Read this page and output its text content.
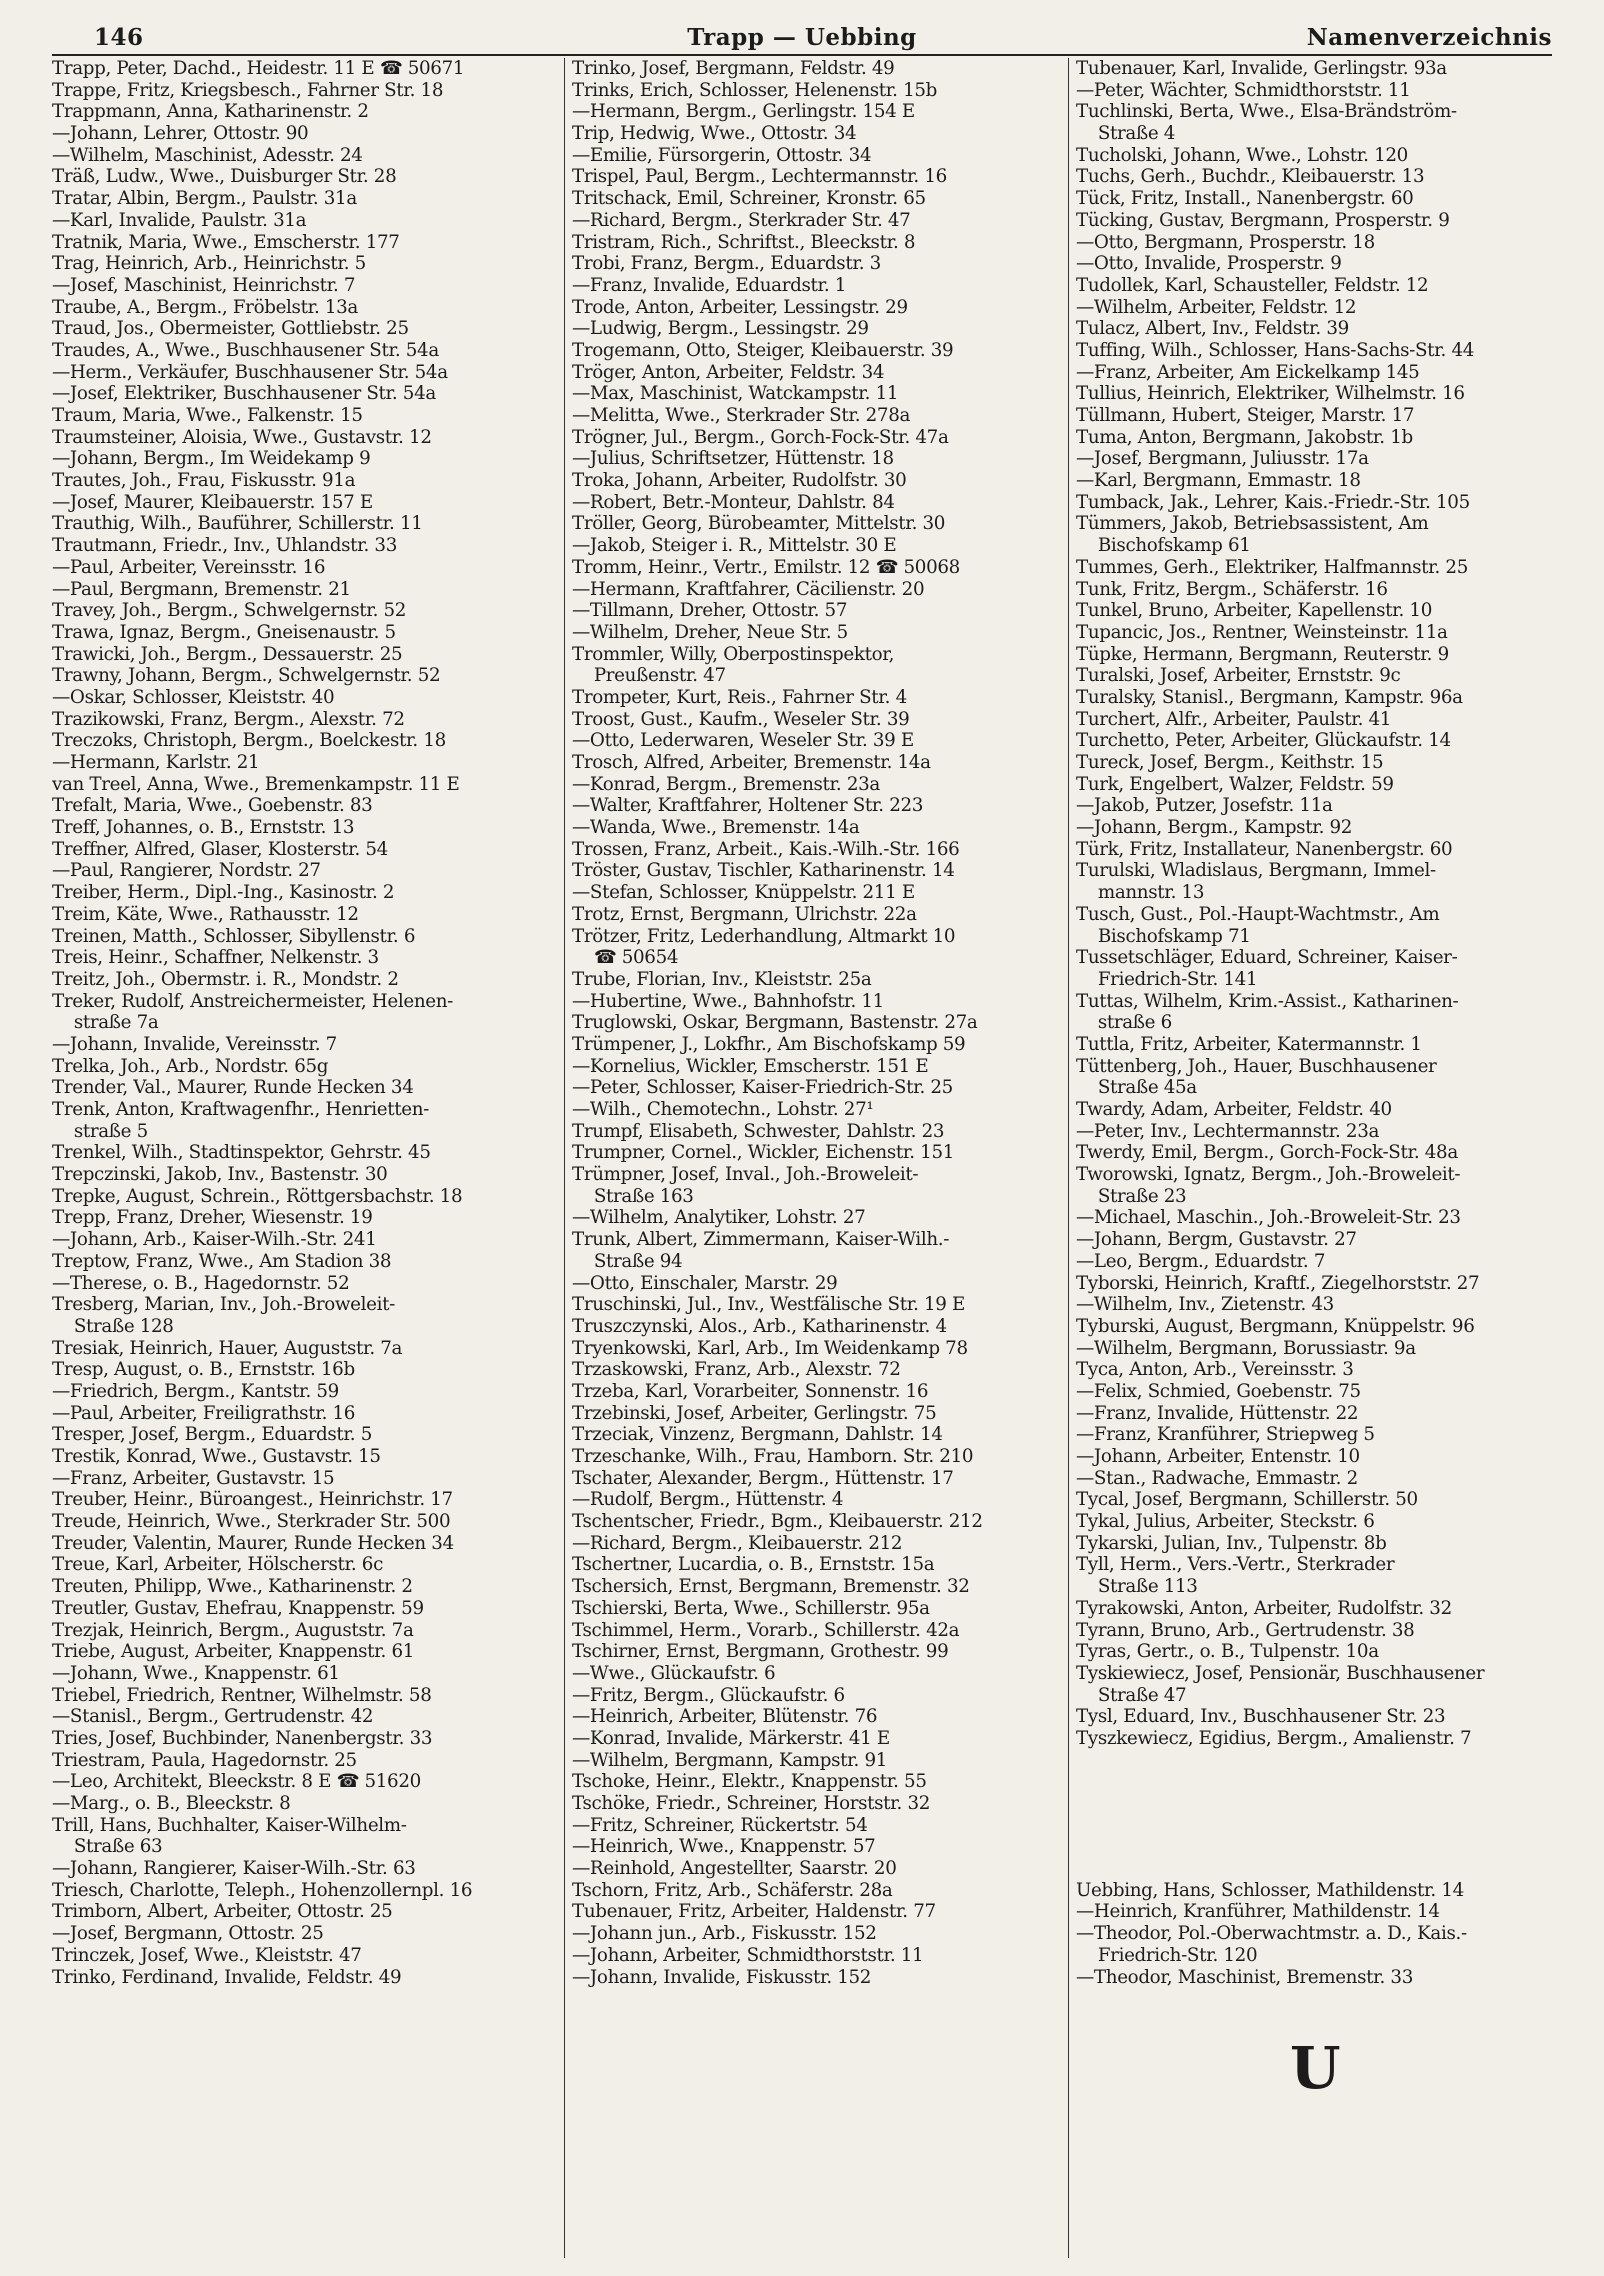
146	Trapp — Uebbing	Namenverzeichnis
Trapp, Peter, Dachd., Heidestr. 11 E ☎ 50671
Trappe, Fritz, Kriegsbesch., Fahrner Str. 18
Trappmann, Anna, Katharinenstr. 2
—Johann, Lehrer, Ottostr. 90
—Wilhelm, Maschinist, Adesstr. 24
Träß, Ludw., Wwe., Duisburger Str. 28
Tratar, Albin, Bergm., Paulstr. 31a
—Karl, Invalide, Paulstr. 31a
Tratnik, Maria, Wwe., Emscherstr. 177
Trag, Heinrich, Arb., Heinrichstr. 5
—Josef, Maschinist, Heinrichstr. 7
Traube, A., Bergm., Fröbelstr. 13a
Traud, Jos., Obermeister, Gottliebstr. 25
Traudes, A., Wwe., Buschhausener Str. 54a
—Herm., Verkäufer, Buschhausener Str. 54a
—Josef, Elektriker, Buschhausener Str. 54a
Traum, Maria, Wwe., Falkenstr. 15
Traumsteiner, Aloisia, Wwe., Gustavstr. 12
—Johann, Bergm., Im Weidekamp 9
Trautes, Joh., Frau, Fiskusstr. 91a
—Josef, Maurer, Kleibauerstr. 157 E
Trauthig, Wilh., Bauführer, Schillerstr. 11
Trautmann, Friedr., Inv., Uhlandstr. 33
—Paul, Arbeiter, Vereinsstr. 16
—Paul, Bergmann, Bremenstr. 21
Travey, Joh., Bergm., Schwelgernstr. 52
Trawa, Ignaz, Bergm., Gneisenaustr. 5
Trawicki, Joh., Bergm., Dessauerstr. 25
Trawny, Johann, Bergm., Schwelgernstr. 52
—Oskar, Schlosser, Kleiststr. 40
Trazikowski, Franz, Bergm., Alexstr. 72
Treczoks, Christoph, Bergm., Boelckestr. 18
—Hermann, Karlstr. 21
van Treel, Anna, Wwe., Bremenkampstr. 11 E
Trefalt, Maria, Wwe., Goebenstr. 83
Treff, Johannes, o. B., Ernststr. 13
Treffner, Alfred, Glaser, Klosterstr. 54
—Paul, Rangierer, Nordstr. 27
Treiber, Herm., Dipl.-Ing., Kasinostr. 2
Treim, Käte, Wwe., Rathausstr. 12
Treinen, Matth., Schlosser, Sibyllenstr. 6
Treis, Heinr., Schaffner, Nelkenstr. 3
Treitz, Joh., Obermstr. i. R., Mondstr. 2
Treker, Rudolf, Anstreichermeister, Helenen-
straße 7a
—Johann, Invalide, Vereinsstr. 7
Trelka, Joh., Arb., Nordstr. 65g
Trender, Val., Maurer, Runde Hecken 34
Trenk, Anton, Kraftwagenfhr., Henrietten-
straße 5
Trenkel, Wilh., Stadtinspektor, Gehrstr. 45
Trepczinski, Jakob, Inv., Bastenstr. 30
Trepke, August, Schrein., Röttgersbachstr. 18
Trepp, Franz, Dreher, Wiesenstr. 19
—Johann, Arb., Kaiser-Wilh.-Str. 241
Treptow, Franz, Wwe., Am Stadion 38
—Therese, o. B., Hagedornstr. 52
Tresberg, Marian, Inv., Joh.-Broweleit-
Straße 128
Tresiak, Heinrich, Hauer, Auguststr. 7a
Tresp, August, o. B., Ernststr. 16b
—Friedrich, Bergm., Kantstr. 59
—Paul, Arbeiter, Freiligrathstr. 16
Tresper, Josef, Bergm., Eduardstr. 5
Trestik, Konrad, Wwe., Gustavstr. 15
—Franz, Arbeiter, Gustavstr. 15
Treuber, Heinr., Büroangest., Heinrichstr. 17
Treude, Heinrich, Wwe., Sterkrader Str. 500
Treuder, Valentin, Maurer, Runde Hecken 34
Treue, Karl, Arbeiter, Hölscherstr. 6c
Treuten, Philipp, Wwe., Katharinenstr. 2
Treutler, Gustav, Ehefrau, Knappenstr. 59
Trezjak, Heinrich, Bergm., Auguststr. 7a
Triebe, August, Arbeiter, Knappenstr. 61
—Johann, Wwe., Knappenstr. 61
Triebel, Friedrich, Rentner, Wilhelmstr. 58
—Stanisl., Bergm., Gertrudenstr. 42
Tries, Josef, Buchbinder, Nanenbergstr. 33
Triestram, Paula, Hagedornstr. 25
—Leo, Architekt, Bleeckstr. 8 E ☎ 51620
—Marg., o. B., Bleeckstr. 8
Trill, Hans, Buchhalter, Kaiser-Wilhelm-
Straße 63
—Johann, Rangierer, Kaiser-Wilh.-Str. 63
Triesch, Charlotte, Teleph., Hohenzollernpl. 16
Trimborn, Albert, Arbeiter, Ottostr. 25
—Josef, Bergmann, Ottostr. 25
Trinczek, Josef, Wwe., Kleiststr. 47
Trinko, Ferdinand, Invalide, Feldstr. 49
Trinko, Josef, Bergmann, Feldstr. 49
Trinks, Erich, Schlosser, Helenenstr. 15b
—Hermann, Bergm., Gerlingstr. 154 E
Trip, Hedwig, Wwe., Ottostr. 34
—Emilie, Fürsorgerin, Ottostr. 34
Trispel, Paul, Bergm., Lechtermannstr. 16
Tritschack, Emil, Schreiner, Kronstr. 65
—Richard, Bergm., Sterkrader Str. 47
Tristram, Rich., Schriftst., Bleeckstr. 8
Trobi, Franz, Bergm., Eduardstr. 3
—Franz, Invalide, Eduardstr. 1
Trode, Anton, Arbeiter, Lessingstr. 29
—Ludwig, Bergm., Lessingstr. 29
Trogemann, Otto, Steiger, Kleibauerstr. 39
Tröger, Anton, Arbeiter, Feldstr. 34
—Max, Maschinist, Watckampstr. 11
—Melitta, Wwe., Sterkrader Str. 278a
Trögner, Jul., Bergm., Gorch-Fock-Str. 47a
—Julius, Schriftsetzer, Hüttenstr. 18
Troka, Johann, Arbeiter, Rudolfstr. 30
—Robert, Betr.-Monteur, Dahlstr. 84
Tröller, Georg, Bürobeamter, Mittelstr. 30
—Jakob, Steiger i. R., Mittelstr. 30 E
Tromm, Heinr., Vertr., Emilstr. 12 ☎ 50068
—Hermann, Kraftfahrer, Cäcilienstr. 20
—Tillmann, Dreher, Ottostr. 57
—Wilhelm, Dreher, Neue Str. 5
Trommler, Willy, Oberpostinspektor,
Preußenstr. 47
Trompeter, Kurt, Reis., Fahrner Str. 4
Troost, Gust., Kaufm., Weseler Str. 39
—Otto, Lederwaren, Weseler Str. 39 E
Trosch, Alfred, Arbeiter, Bremenstr. 14a
—Konrad, Bergm., Bremenstr. 23a
—Walter, Kraftfahrer, Holtener Str. 223
—Wanda, Wwe., Bremenstr. 14a
Trossen, Franz, Arbeit., Kais.-Wilh.-Str. 166
Tröster, Gustav, Tischler, Katharinenstr. 14
—Stefan, Schlosser, Knüppelstr. 211 E
Trotz, Ernst, Bergmann, Ulrichstr. 22a
Trötzer, Fritz, Lederhandlung, Altmarkt 10
☎ 50654
Trube, Florian, Inv., Kleiststr. 25a
—Hubertine, Wwe., Bahnhofstr. 11
Truglowski, Oskar, Bergmann, Bastenstr. 27a
Trümpener, J., Lokfhr., Am Bischofskamp 59
—Kornelius, Wickler, Emscherstr. 151 E
—Peter, Schlosser, Kaiser-Friedrich-Str. 25
—Wilh., Chemotechn., Lohstr. 27¹
Trumpf, Elisabeth, Schwester, Dahlstr. 23
Trumpner, Cornel., Wickler, Eichenstr. 151
Trümpner, Josef, Inval., Joh.-Broweleit-
Straße 163
—Wilhelm, Analytiker, Lohstr. 27
Trunk, Albert, Zimmermann, Kaiser-Wilh.-
Straße 94
—Otto, Einschaler, Marstr. 29
Truschinski, Jul., Inv., Westfälische Str. 19 E
Truszczynski, Alos., Arb., Katharinenstr. 4
Tryenkowski, Karl, Arb., Im Weidenkamp 78
Trzaskowski, Franz, Arb., Alexstr. 72
Trzeba, Karl, Vorarbeiter, Sonnenstr. 16
Trzebinski, Josef, Arbeiter, Gerlingstr. 75
Trzeciak, Vinzenz, Bergmann, Dahlstr. 14
Trzeschanke, Wilh., Frau, Hamborn. Str. 210
Tschater, Alexander, Bergm., Hüttenstr. 17
—Rudolf, Bergm., Hüttenstr. 4
Tschentscher, Friedr., Bgm., Kleibauerstr. 212
—Richard, Bergm., Kleibauerstr. 212
Tschertner, Lucardia, o. B., Ernststr. 15a
Tschersich, Ernst, Bergmann, Bremenstr. 32
Tschierski, Berta, Wwe., Schillerstr. 95a
Tschimmel, Herm., Vorarb., Schillerstr. 42a
Tschirner, Ernst, Bergmann, Grothestr. 99
—Wwe., Glückaufstr. 6
—Fritz, Bergm., Glückaufstr. 6
—Heinrich, Arbeiter, Blütenstr. 76
—Konrad, Invalide, Märkerstr. 41 E
—Wilhelm, Bergmann, Kampstr. 91
Tschoke, Heinr., Elektr., Knappenstr. 55
Tschöke, Friedr., Schreiner, Horststr. 32
—Fritz, Schreiner, Rückertstr. 54
—Heinrich, Wwe., Knappenstr. 57
—Reinhold, Angestellter, Saarstr. 20
Tschorn, Fritz, Arb., Schäferstr. 28a
Tubenauer, Fritz, Arbeiter, Haldenstr. 77
—Johann jun., Arb., Fiskusstr. 152
—Johann, Arbeiter, Schmidthorststr. 11
—Johann, Invalide, Fiskusstr. 152
Tubenauer, Karl, Invalide, Gerlingstr. 93a
—Peter, Wächter, Schmidthorststr. 11
Tuchlinski, Berta, Wwe., Elsa-Brändström-
Straße 4
Tucholski, Johann, Wwe., Lohstr. 120
Tuchs, Gerh., Buchdr., Kleibauerstr. 13
Tück, Fritz, Install., Nanenbergstr. 60
Tücking, Gustav, Bergmann, Prosperstr. 9
—Otto, Bergmann, Prosperstr. 18
—Otto, Invalide, Prosperstr. 9
Tudollek, Karl, Schausteller, Feldstr. 12
—Wilhelm, Arbeiter, Feldstr. 12
Tulacz, Albert, Inv., Feldstr. 39
Tuffing, Wilh., Schlosser, Hans-Sachs-Str. 44
—Franz, Arbeiter, Am Eickelkamp 145
Tullius, Heinrich, Elektriker, Wilhelmstr. 16
Tüllmann, Hubert, Steiger, Marstr. 17
Tuma, Anton, Bergmann, Jakobstr. 1b
—Josef, Bergmann, Juliusstr. 17a
—Karl, Bergmann, Emmastr. 18
Tumback, Jak., Lehrer, Kais.-Friedr.-Str. 105
Tümmers, Jakob, Betriebsassistent, Am
Bischofskamp 61
Tummes, Gerh., Elektriker, Halfmannstr. 25
Tunk, Fritz, Bergm., Schäferstr. 16
Tunkel, Bruno, Arbeiter, Kapellenstr. 10
Tupancic, Jos., Rentner, Weinsteinstr. 11a
Tüpke, Hermann, Bergmann, Reuterstr. 9
Turalski, Josef, Arbeiter, Ernststr. 9c
Turalsky, Stanisl., Bergmann, Kampstr. 96a
Turchert, Alfr., Arbeiter, Paulstr. 41
Turchetto, Peter, Arbeiter, Glückaufstr. 14
Tureck, Josef, Bergm., Keithstr. 15
Turk, Engelbert, Walzer, Feldstr. 59
—Jakob, Putzer, Josefstr. 11a
—Johann, Bergm., Kampstr. 92
Türk, Fritz, Installateur, Nanenbergstr. 60
Turulski, Wladislaus, Bergmann, Immel-
mannstr. 13
Tusch, Gust., Pol.-Haupt-Wachtmstr., Am
Bischofskamp 71
Tussetschläger, Eduard, Schreiner, Kaiser-
Friedrich-Str. 141
Tuttas, Wilhelm, Krim.-Assist., Katharinen-
straße 6
Tuttla, Fritz, Arbeiter, Katermannstr. 1
Tüttenberg, Joh., Hauer, Buschhausener
Straße 45a
Twardy, Adam, Arbeiter, Feldstr. 40
—Peter, Inv., Lechtermannstr. 23a
Twerdy, Emil, Bergm., Gorch-Fock-Str. 48a
Tworowski, Ignatz, Bergm., Joh.-Broweleit-
Straße 23
—Michael, Maschin., Joh.-Broweleit-Str. 23
—Johann, Bergm, Gustavstr. 27
—Leo, Bergm., Eduardstr. 7
Tyborski, Heinrich, Kraftf., Ziegelhorststr. 27
—Wilhelm, Inv., Zietenstr. 43
Tyburski, August, Bergmann, Knüppelstr. 96
—Wilhelm, Bergmann, Borussiastr. 9a
Tyca, Anton, Arb., Vereinsstr. 3
—Felix, Schmied, Goebenstr. 75
—Franz, Invalide, Hüttenstr. 22
—Franz, Kranführer, Striepweg 5
—Johann, Arbeiter, Entenstr. 10
—Stan., Radwache, Emmastr. 2
Tycal, Josef, Bergmann, Schillerstr. 50
Tykal, Julius, Arbeiter, Steckstr. 6
Tykarski, Julian, Inv., Tulpenstr. 8b
Tyll, Herm., Vers.-Vertr., Sterkrader
Straße 113
Tyrakowski, Anton, Arbeiter, Rudolfstr. 32
Tyrann, Bruno, Arb., Gertrudenstr. 38
Tyras, Gertr., o. B., Tulpenstr. 10a
Tyskiewiecz, Josef, Pensionär, Buschhausener
Straße 47
Tysl, Eduard, Inv., Buschhausener Str. 23
Tyszkewiecz, Egidius, Bergm., Amalienstr. 7
Uebbing, Hans, Schlosser, Mathildenstr. 14
—Heinrich, Kranführer, Mathildenstr. 14
—Theodor, Pol.-Oberwachtmstr. a. D., Kais.-
Friedrich-Str. 120
—Theodor, Maschinist, Bremenstr. 33
U
